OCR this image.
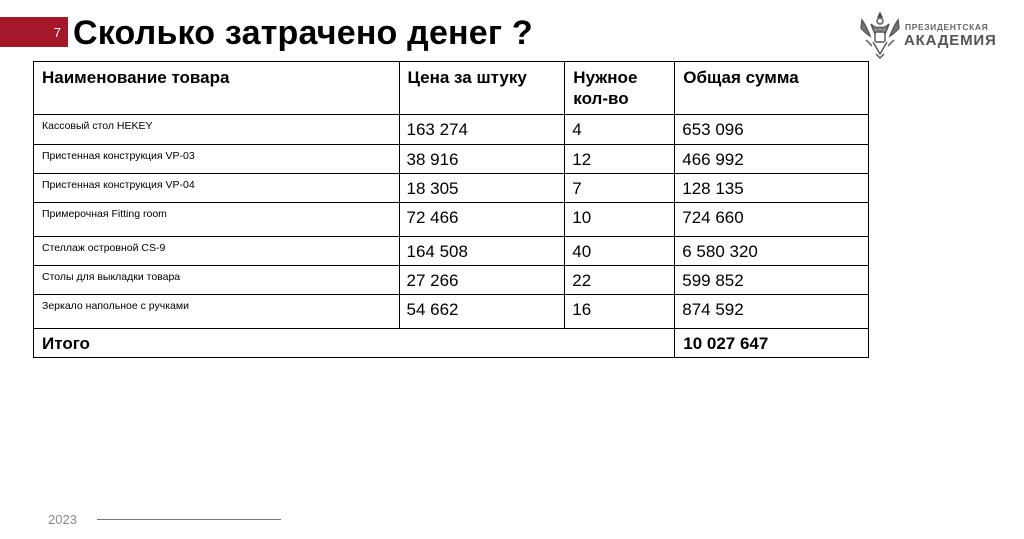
7 Сколько затрачено денег ?	ПРЕЗИДЕНТСКАЯ
АКАДЕМИЯ
Наименование товара	Цена за штуку	Нужное кол-во	Общая сумма
Кассовый стол HEKEY	163 274	4	653 096
Пристенная конструкция VP-03	38 916	12	466 992
Пристенная конструкция VP-04	18 305	7	128 135
Примерочная Fitting room	72 466	10	724 660
Стеллаж островной CS-9	164 508	40	6 580 320
Столы для выкладки товара	27 266	22	599 852
Зеркало напольное с ручками	54 662	16	874 592
Итого			10 027 647
2023
